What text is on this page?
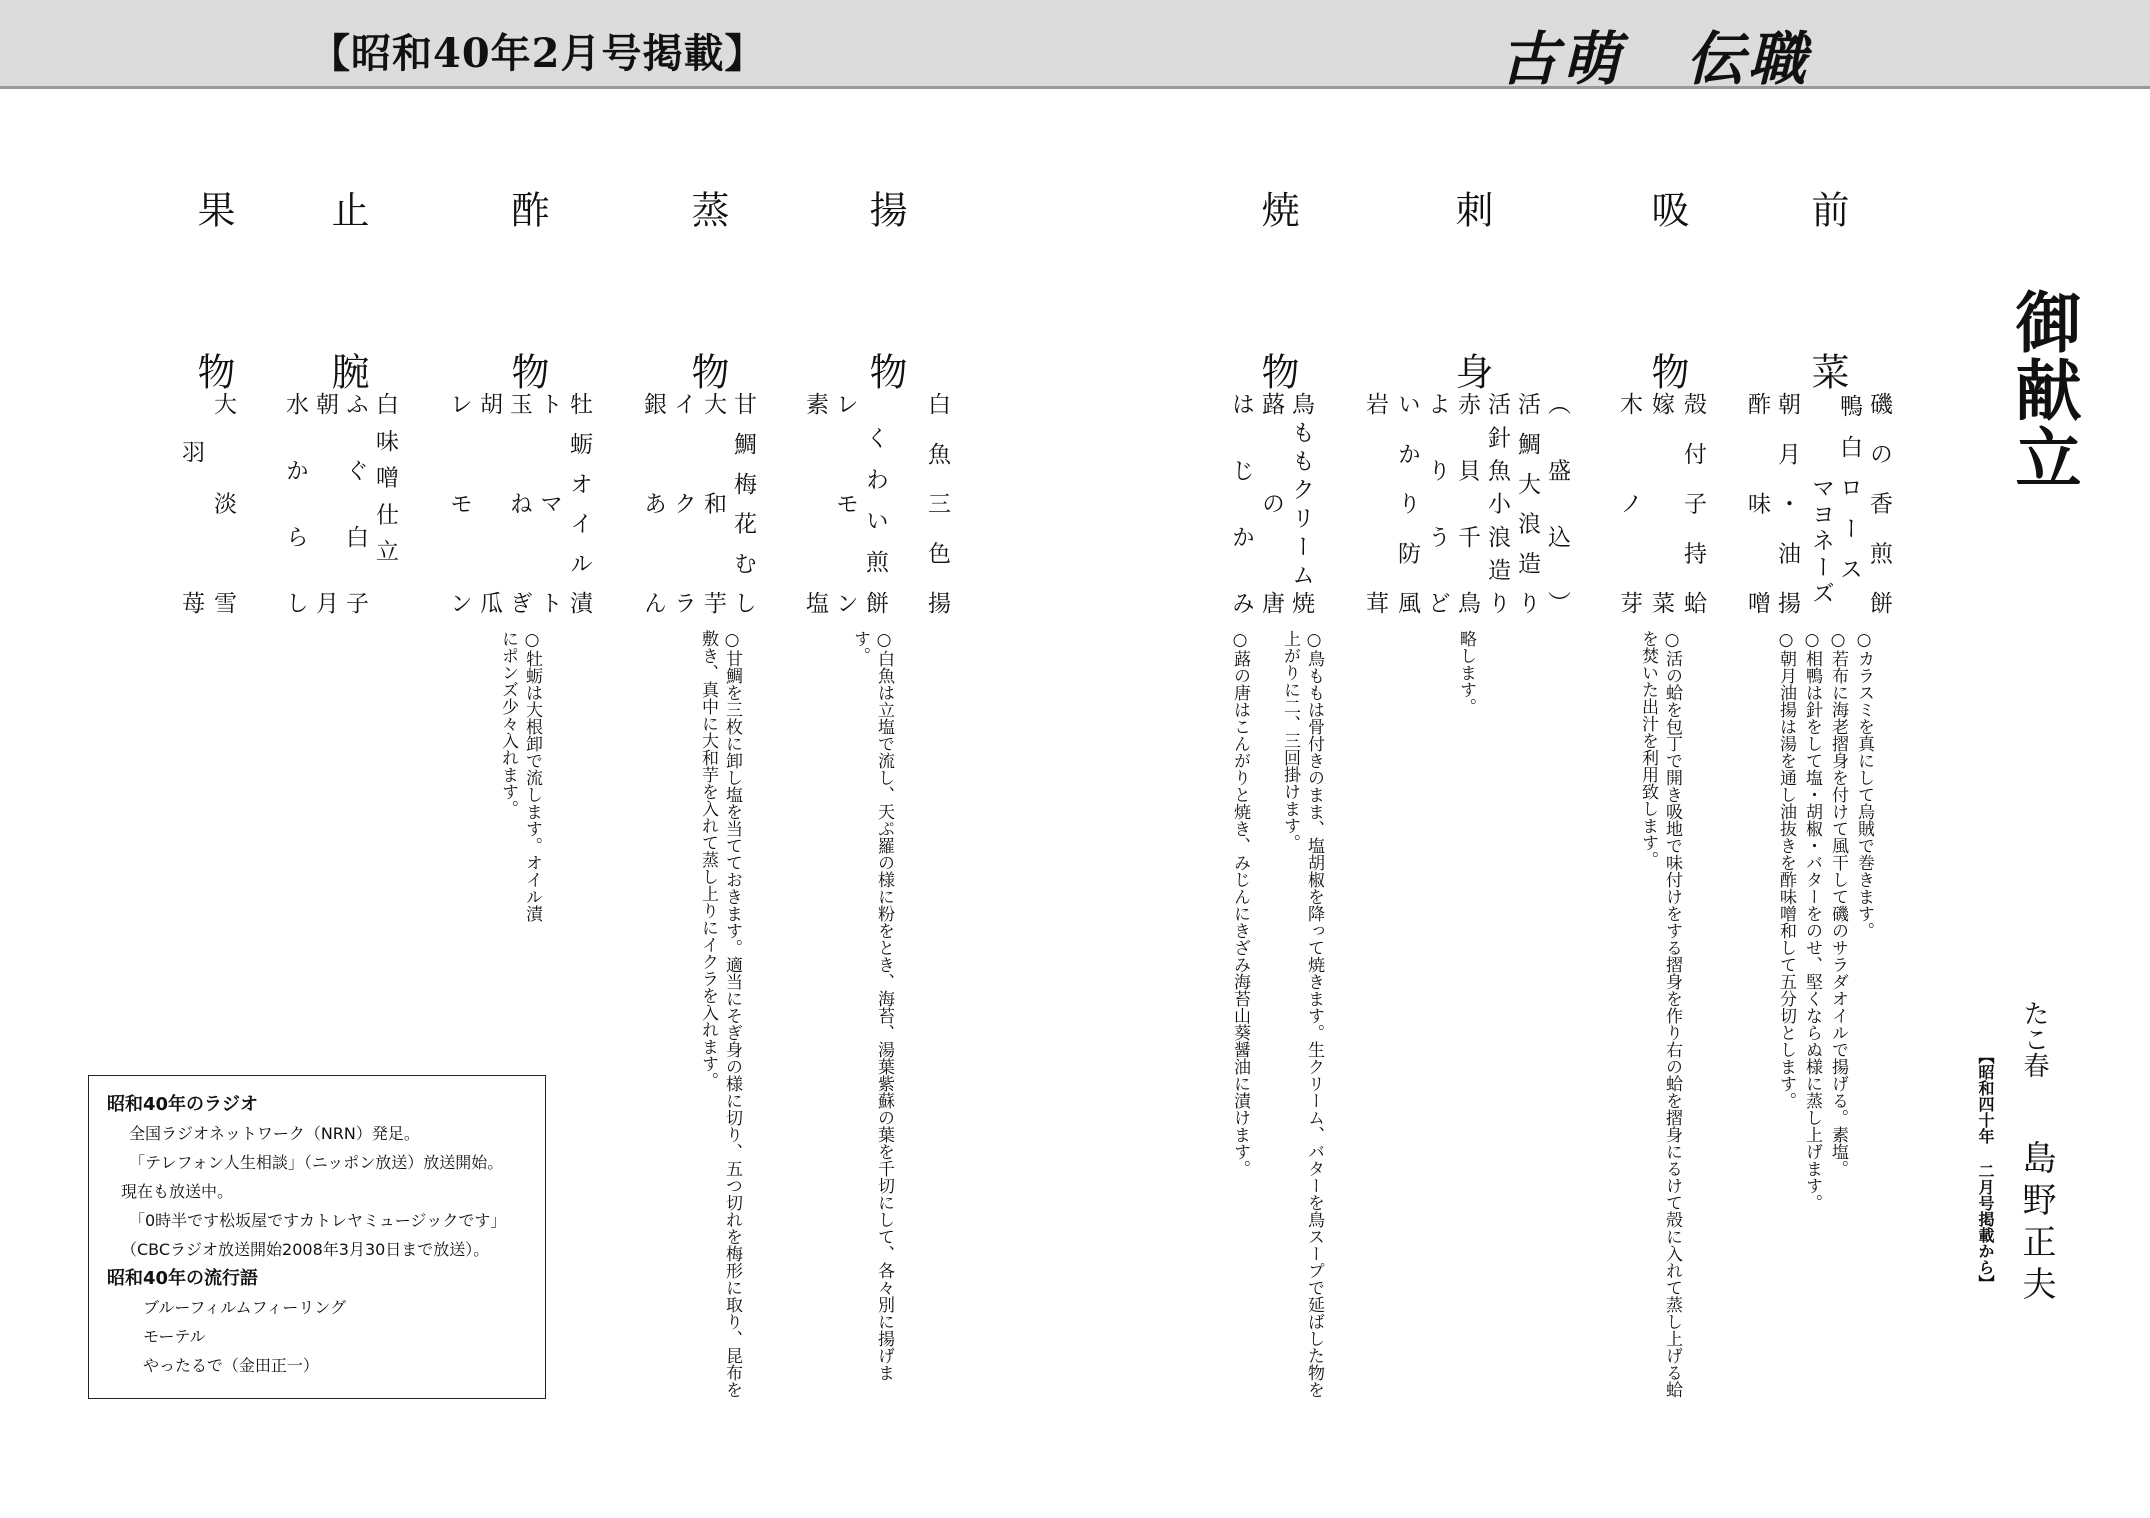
【昭和40年2月号掲載】	古萌　伝職
御献立
たこ春
島野正夫
【昭和四十年 二月号掲載から】
前菜
磯の香煎餅
鴨白ロース
マヨネーズ
朝月・油揚
酢味噌
○カラスミを真にして烏賊で巻きます。
○若布に海老摺身を付けて風干して磯のサラダオイルで揚げる。素塩。
○相鴨は針をして塩・胡椒・バターをのせ、堅くならぬ様に蒸し上げます。
○朝月油揚は湯を通し油抜きを酢味噌和して五分切とします。
吸物
殻付子持蛤
嫁菜
木ノ芽
○活の蛤を包丁で開き吸地で味付けをする摺身を作り右の蛤を摺身にるけて殻に入れて蒸し上げる蛤を焚いた出汁を利用致します。
刺身
（盛込）
活鯛大浪造り
活針魚小浪造り
赤貝千鳥
よりうど
いかり防風
岩茸
略します。
焼物
鳥ももクリーム焼
蕗の唐
はじかみ
○鳥ももは骨付きのまま、塩胡椒を降って焼きます。生クリーム、バターを鳥スープで延ばした物を上がりに二、三回掛けます。
○蕗の唐はこんがりと焼き、みじんにきざみ海苔山葵醤油に漬けます。
揚物
白魚三色揚
くわい煎餅
レモン
素塩
○白魚は立塩で流し、天ぷ羅の様に粉をとき、海苔、湯葉紫蘇の葉を千切にして、各々別に揚げます。
蒸物
甘鯛梅花むし
大和芋
イクラ
銀あん
○甘鯛を三枚に卸し塩を当てておきます。適当にそぎ身の様に切り、五つ切れを梅形に取り、昆布を敷き、真中に大和芋を入れて蒸し上りにイクラを入れます。
酢物
牡蛎オイル漬
トマト
玉ねぎ
胡瓜
レモン
○牡蛎は大根卸で流します。オイル漬にポンズ少々入れます。
止腕
白味噌仕立
ふぐ白子
朝月
水からし
果物
大淡雪
羽苺
昭和40年のラジオ
全国ラジオネットワーク（NRN）発足。
「テレフォン人生相談」（ニッポン放送）放送開始。
現在も放送中。
「0時半です松坂屋ですカトレヤミュージックです」
（CBCラジオ放送開始2008年3月30日まで放送）。
昭和40年の流行語
ブルーフィルムフィーリング
モーテル
やったるで（金田正一）
